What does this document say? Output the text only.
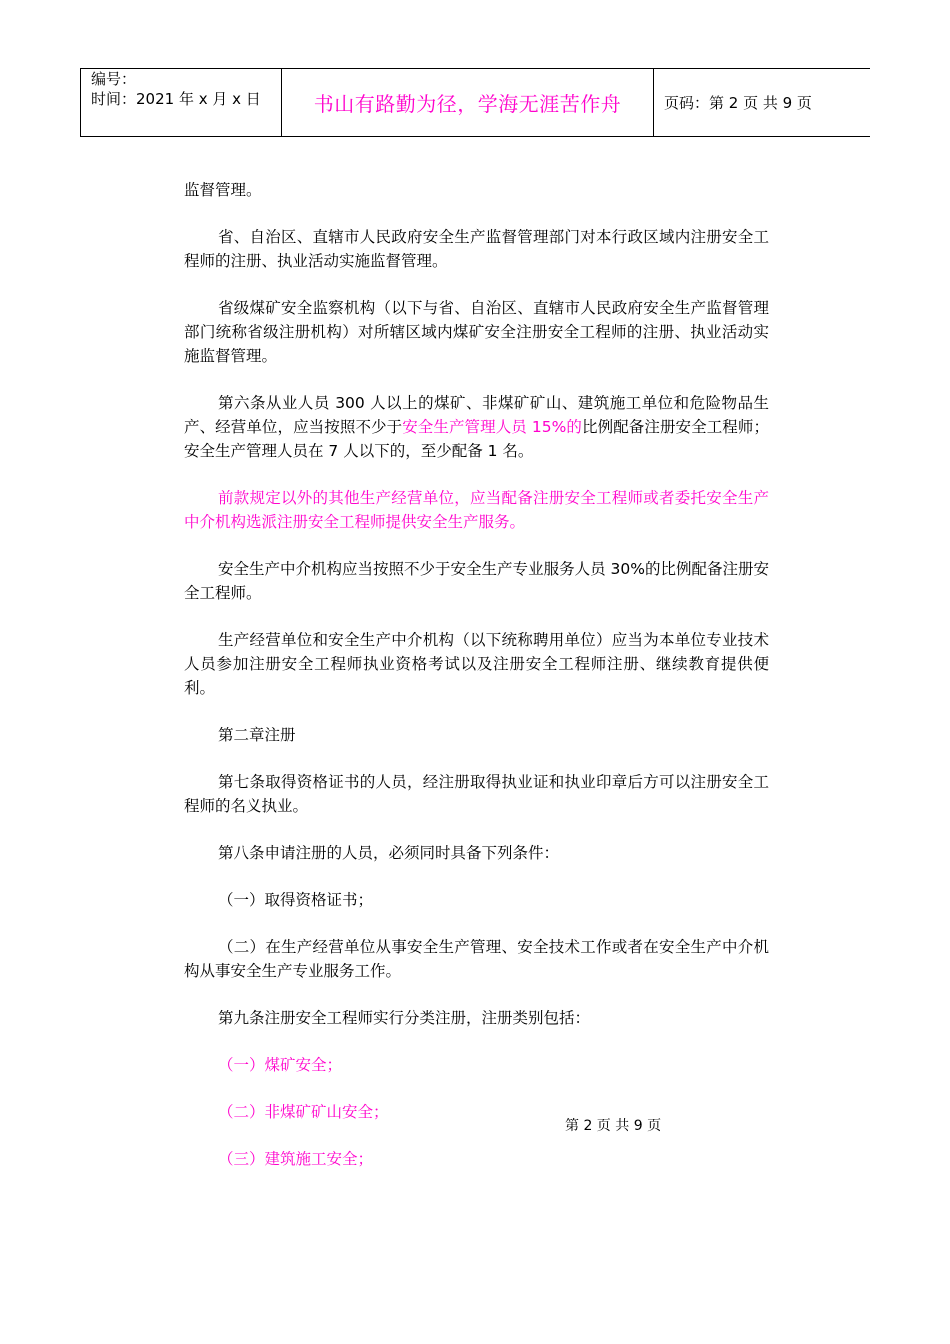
编号：
时间：2021 年 x 月 x 日	书山有路勤为径，学海无涯苦作舟	页码：第 2 页 共 9 页

监督管理。

省、自治区、直辖市人民政府安全生产监督管理部门对本行政区域内注册安全工程师的注册、执业活动实施监督管理。

省级煤矿安全监察机构（以下与省、自治区、直辖市人民政府安全生产监督管理部门统称省级注册机构）对所辖区域内煤矿安全注册安全工程师的注册、执业活动实施监督管理。

第六条从业人员 300 人以上的煤矿、非煤矿矿山、建筑施工单位和危险物品生产、经营单位，应当按照不少于安全生产管理人员 15%的比例配备注册安全工程师；安全生产管理人员在 7 人以下的，至少配备 1 名。

前款规定以外的其他生产经营单位，应当配备注册安全工程师或者委托安全生产中介机构选派注册安全工程师提供安全生产服务。

安全生产中介机构应当按照不少于安全生产专业服务人员 30%的比例配备注册安全工程师。

生产经营单位和安全生产中介机构（以下统称聘用单位）应当为本单位专业技术人员参加注册安全工程师执业资格考试以及注册安全工程师注册、继续教育提供便利。

第二章注册

第七条取得资格证书的人员，经注册取得执业证和执业印章后方可以注册安全工程师的名义执业。

第八条申请注册的人员，必须同时具备下列条件：

（一）取得资格证书；

（二）在生产经营单位从事安全生产管理、安全技术工作或者在安全生产中介机构从事安全生产专业服务工作。

第九条注册安全工程师实行分类注册，注册类别包括：

（一）煤矿安全；

（二）非煤矿矿山安全；

（三）建筑施工安全；

第 2 页 共 9 页
